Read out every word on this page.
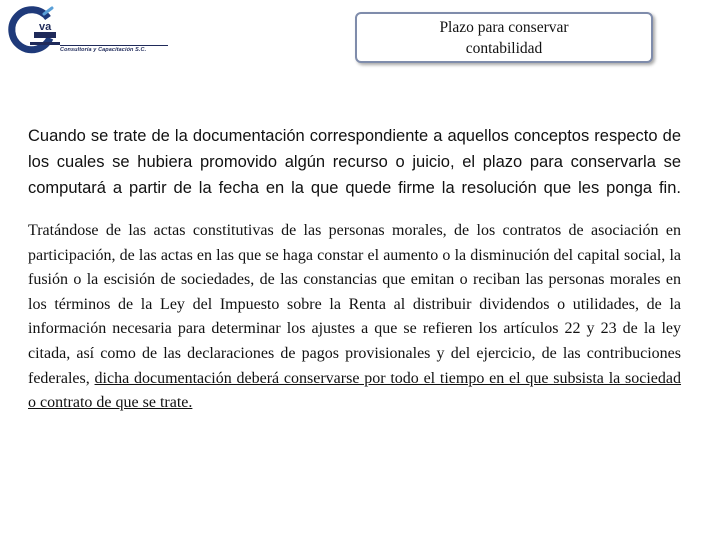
va
Consultoría y Capacitación S.C.
Plazo para conservar contabilidad

Cuando se trate de la documentación correspondiente a aquellos conceptos respecto de los cuales se hubiera promovido algún recurso o juicio, el plazo para conservarla se computará a partir de la fecha en la que quede firme la resolución que les ponga fin.

Tratándose de las actas constitutivas de las personas morales, de los contratos de asociación en participación, de las actas en las que se haga constar el aumento o la disminución del capital social, la fusión o la escisión de sociedades, de las constancias que emitan o reciban las personas morales en los términos de la Ley del Impuesto sobre la Renta al distribuir dividendos o utilidades, de la información necesaria para determinar los ajustes a que se refieren los artículos 22 y 23 de la ley citada, así como de las declaraciones de pagos provisionales y del ejercicio, de las contribuciones federales, dicha documentación deberá conservarse por todo el tiempo en el que subsista la sociedad o contrato de que se trate.
